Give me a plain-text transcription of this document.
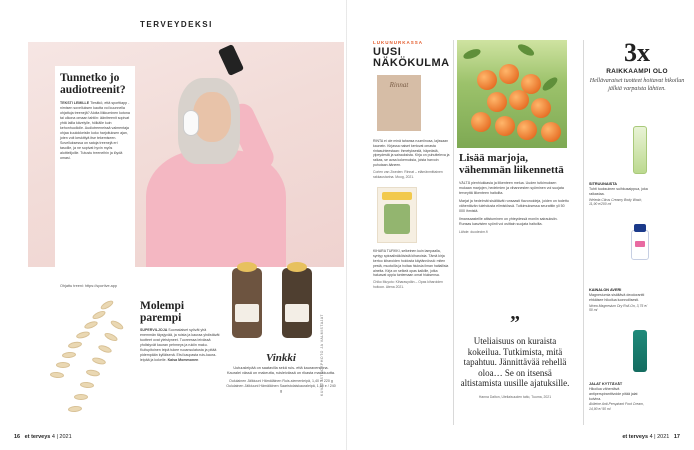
TERVEYDEKSI
Tunnetko jo audiotreenit?

TEKSTI LEMILLE Tiesitkö, että sporttiapp -nimisen sovelluksen kautta voi kuunnella ohjattuja treenejä? Aloita liikkuminen kotona tai ulkona omaan tahtiin: äänitreenit sopivat yhtä lailla kävelylle, hölkälle kuin kehonhuollolle. Audiotreeneissä valmentaja ohjaa kuulokkeisiin koko harjoituksen ajan, joten voit keskittyä itse tekemiseen. Sovelluksessa on satoja treenejä eri tasoille, ja ne sopivat hyvin myös aloittelijoille. Tutustu treeneihin ja löydä omasi.

Ohjattu treeni: https://sportive.app
Molempi parempi

SUPERVILJOJA Suomalaiset syövät yhä enemmän täysjyvää, ja ruista ja kauraa yhdistävät tuotteet ovat yleistyneet. Tuoreessa leivässä yhdistyvät kauran pehmeys ja rukiin maku. Kuitupitoinen leipä tukee ruoansulatusta ja pitää pidempään kylläisenä. Etsi kaupasta ruis-kaura-leipää ja kokeile. Kaisa Mommonen	Vinkki

Uutuusleipää on saatavilla sekä ruis- että kauraversiona. Kauralei vässä on makeutta, ruisleivässä on rikasta maukkuutta.

Oululainen Jälkiuuni Hämäläinen Ruis-siemenleipä, 1,40 e/ 220 g Oululainen Jälkiuuni Hämäläinen Saaristolaiskauraleipä, 1,60 e / 240 g	KUVAT ISTOCKPHOTO JA VALMISTAJAT
16 et terveys 4 | 2021
LUKUNURKASSA
UUSI NÄKÖKULMA
Rinnat

RINTA ei ole minä tahansa ruumiinosa, lajissaan kaunein. Kirjassa naiset kertovat omasta rintasuhteestaan: ihmetyksestä, häpeästä, ylpeydestä ja sairauksista. Kirja on puhutteleva ja raikas, se avaa kokemuksia, joista harvoin puhutaan ääneen.

Corien van Zweden: Rinnat – elämänmittainen rakkaustarina. Moog, 2021.

KIHARA TURKKI, selkeinen kuin lampaalla, syntyy spiraalinäköisistä kiharoista. Tämä kirja kertoo kiharoiden hoidosta käytännössä: miten pestä, muotoilla ja hoitaa hiuksia ilman haitallisia aineita. Kirja on selkeä opas kaikille, jotka haluavat oppia tuntemaan omat hiuksensa.

Chiko Muyoto: Kiharasydän – Opas kiharoiden hoitoon. Atena 2021.

Lisää marjoja, vähemmän liikennettä

VÄLTÄ pienhiukkasia ja liikenteen melua. Uuden tutkimuksen mukaan marjojen, hedelmien ja vihannesten syöminen voi suojata terveyttä liikenteen haitoilta.

Marjat ja hedelmät sisältävät runsaasti flavonoideja, joiden on todettu vähentävän tulehdusta elimistössä. Tutkimuksessa seurattiin yli 50 000 ihmistä.

Ilmansaasteille altistuminen on yhteydessä moniin sairauksiin. Runsas kasvisten syönti voi osittain suojata haitoilta.

Lähde: duodecim.fi

”
Uteliaisuus on kuraista kokeilua. Tutkimista, mitä tapahtuu. Jännittävää rehellä oloa… Se on itsensä altistamista uusille ajatuksille.
Hanna Dalton, Uteliaisuuden taito, Tuuma, 2021
3x
RAIKKAAMPI OLO
Hellävaraiset tuotteet hoitavat hikoilun jälkiä varpaista lähtien.
SITRUUNAISTA
Tuhti tuoksuinen suihkusaippua, joka raikastaa.
Weleda Citrus Creamy Body Wash, 11,90 e/200 ml
KAINALON AVERI
Magnesiumia sisältävä deodorantti ehkäisee hikoilua luonnollisesti.
Nivea Magnesium Dry Roll-On, 3,75 e/ 50 ml
JALAT KYTTÄVÄT
Hikoilua vähentävä antiperspiranttivoide pitää jalat kuivina.
Akileine Anti-Perspirant Foot Cream, 14,90 e/ 50 ml
et terveys 4 | 2021 17
